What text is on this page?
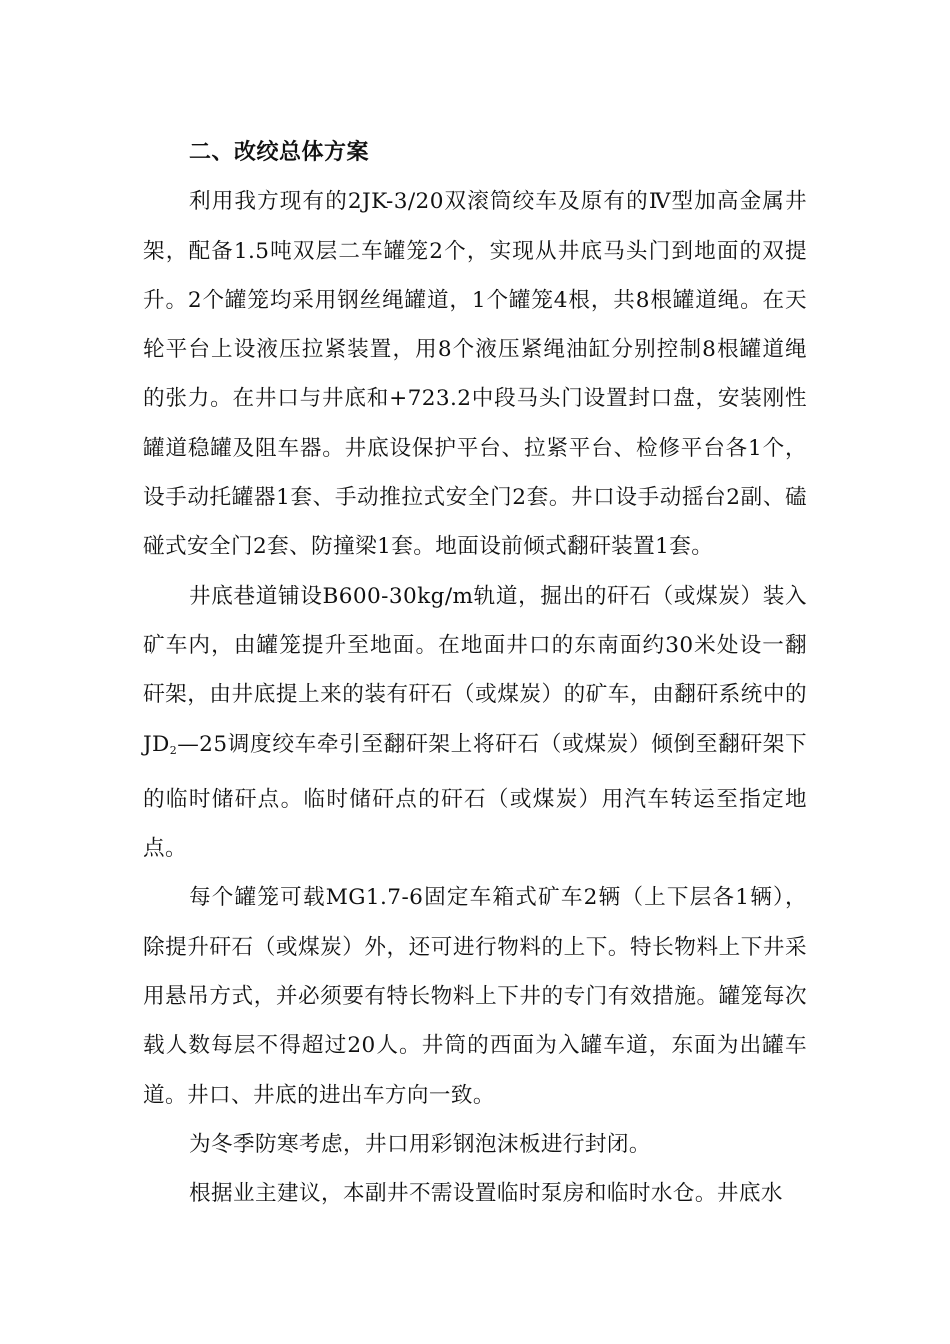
二、改绞总体方案

利用我方现有的2JK-3/20双滚筒绞车及原有的Ⅳ型加高金属井架，配备1.5吨双层二车罐笼2个，实现从井底马头门到地面的双提升。2个罐笼均采用钢丝绳罐道，1个罐笼4根，共8根罐道绳。在天轮平台上设液压拉紧装置，用8个液压紧绳油缸分别控制8根罐道绳的张力。在井口与井底和+723.2中段马头门设置封口盘，安装刚性罐道稳罐及阻车器。井底设保护平台、拉紧平台、检修平台各1个，设手动托罐器1套、手动推拉式安全门2套。井口设手动摇台2副、磕碰式安全门2套、防撞梁1套。地面设前倾式翻矸装置1套。

井底巷道铺设B600-30kg/m轨道，掘出的矸石（或煤炭）装入矿车内，由罐笼提升至地面。在地面井口的东南面约30米处设一翻矸架，由井底提上来的装有矸石（或煤炭）的矿车，由翻矸系统中的$JD_2—25$调度绞车牵引至翻矸架上将矸石（或煤炭）倾倒至翻矸架下的临时储矸点。临时储矸点的矸石（或煤炭）用汽车转运至指定地点。

每个罐笼可载MG1.7-6固定车箱式矿车2辆（上下层各1辆），除提升矸石（或煤炭）外，还可进行物料的上下。特长物料上下井采用悬吊方式，并必须要有特长物料上下井的专门有效措施。罐笼每次载人数每层不得超过20人。井筒的西面为入罐车道，东面为出罐车道。井口、井底的进出车方向一致。

为冬季防寒考虑，井口用彩钢泡沫板进行封闭。

根据业主建议，本副井不需设置临时泵房和临时水仓。井底水
